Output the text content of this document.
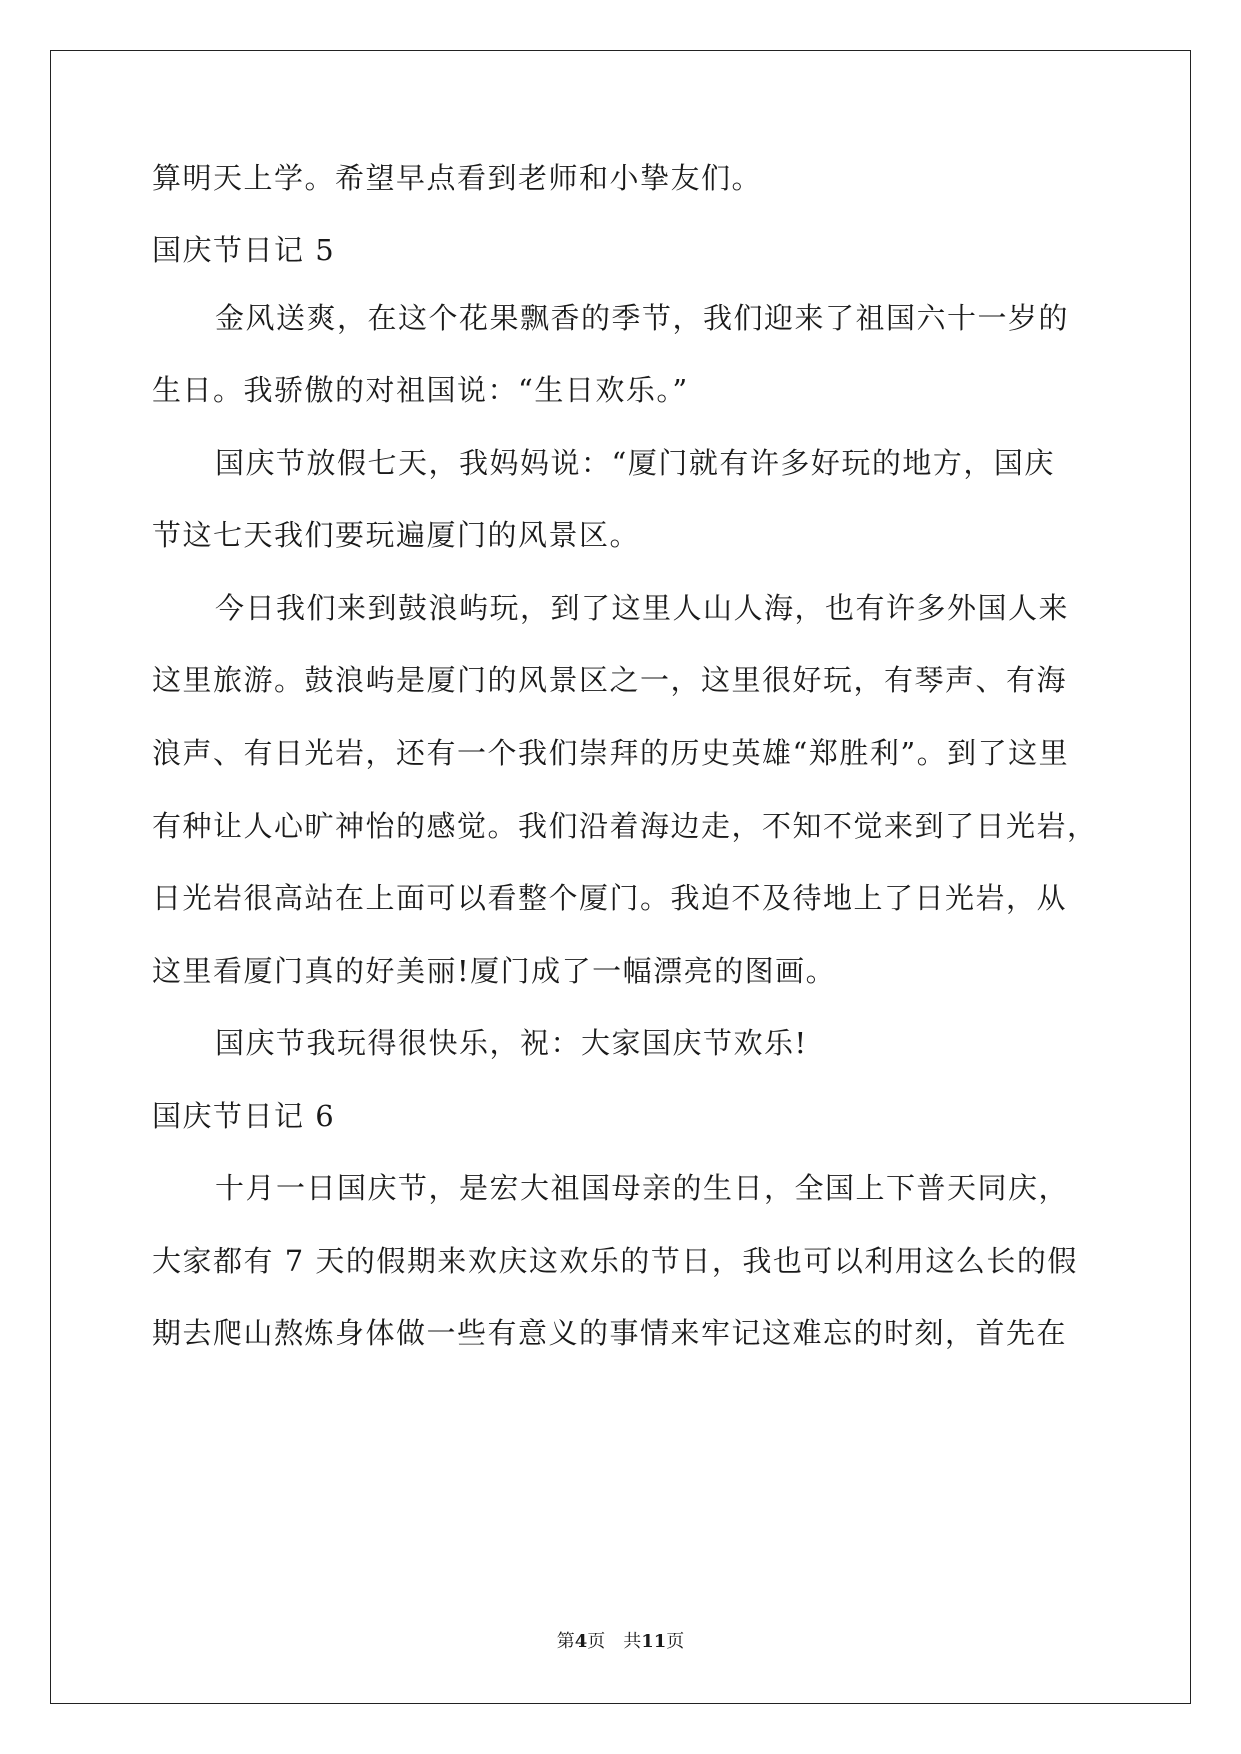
算明天上学。希望早点看到老师和小挚友们。
国庆节日记 5
金风送爽，在这个花果飘香的季节，我们迎来了祖国六十一岁的
生日。我骄傲的对祖国说：“生日欢乐。”
国庆节放假七天，我妈妈说：“厦门就有许多好玩的地方，国庆
节这七天我们要玩遍厦门的风景区。
今日我们来到鼓浪屿玩，到了这里人山人海，也有许多外国人来
这里旅游。鼓浪屿是厦门的风景区之一，这里很好玩，有琴声、有海
浪声、有日光岩，还有一个我们崇拜的历史英雄“郑胜利”。到了这里
有种让人心旷神怡的感觉。我们沿着海边走，不知不觉来到了日光岩，
日光岩很高站在上面可以看整个厦门。我迫不及待地上了日光岩，从
这里看厦门真的好美丽!厦门成了一幅漂亮的图画。
国庆节我玩得很快乐，祝：大家国庆节欢乐!
国庆节日记 6
十月一日国庆节，是宏大祖国母亲的生日，全国上下普天同庆，
大家都有 7 天的假期来欢庆这欢乐的节日，我也可以利用这么长的假
期去爬山熬炼身体做一些有意义的事情来牢记这难忘的时刻，首先在
第4页 共11页
